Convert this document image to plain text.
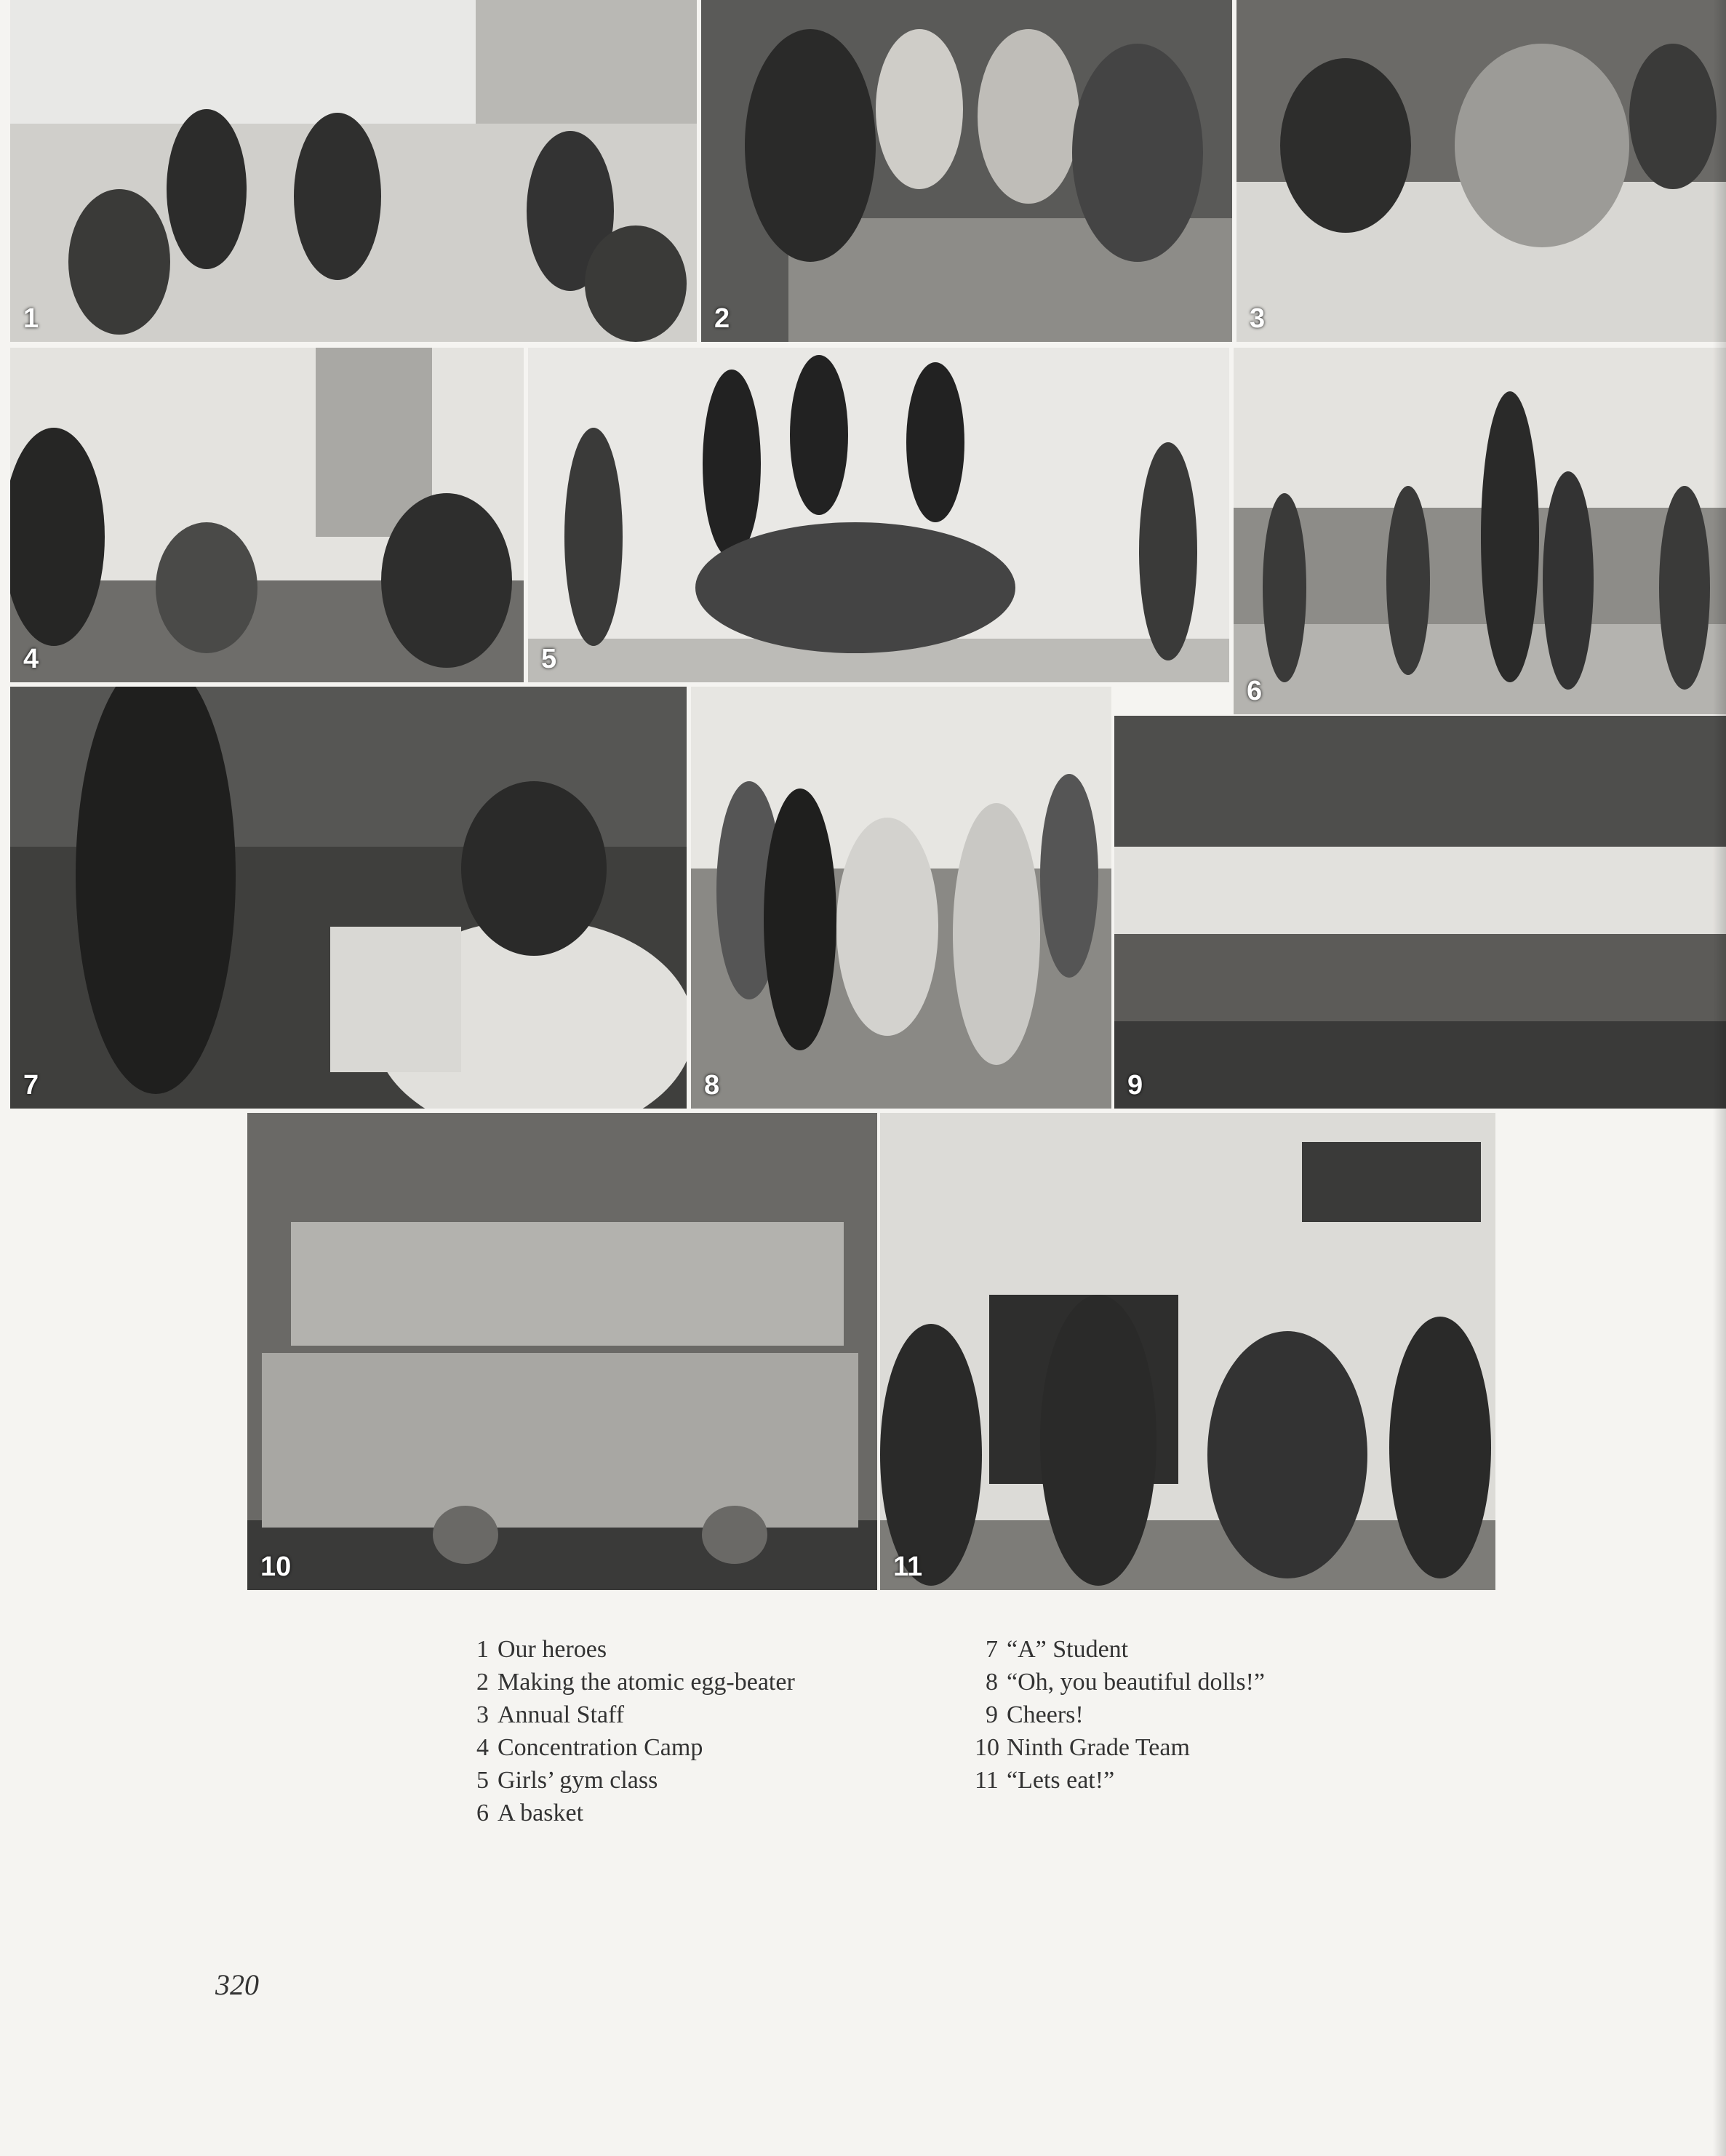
1	2	3
4	5
6
7	8	9
10	11
1 Our heroes
2 Making the atomic egg-beater
3 Annual Staff
4 Concentration Camp
5 Girls’ gym class
6 A basket
7 “A” Student
8 “Oh, you beautiful dolls!”
9 Cheers!
10 Ninth Grade Team
11 “Lets eat!”
320
